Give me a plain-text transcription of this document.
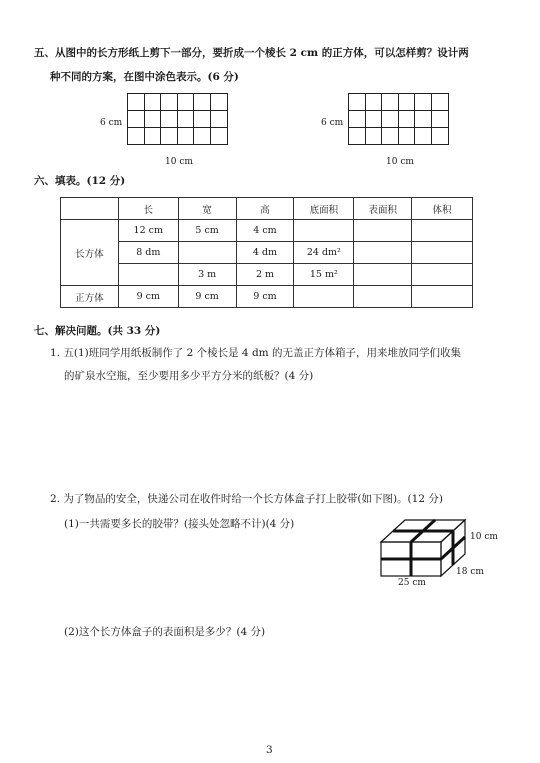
五、从图中的长方形纸上剪下一部分，要折成一个棱长 2 cm 的正方体，可以怎样剪？设计两
种不同的方案，在图中涂色表示。(6 分)

6 cm
10 cm

6 cm
10 cm
六、填表。(12 分)
	长	宽	高	底面积	表面积	体积
长方体	12 cm	5 cm	4 cm			
	8 dm		4 dm	24 dm²		
		3 m	2 m	15 m²		
正方体	9 cm	9 cm	9 cm			
七、解决问题。(共 33 分)
1. 五(1)班同学用纸板制作了 2 个棱长是 4 dm 的无盖正方体箱子，用来堆放同学们收集
的矿泉水空瓶，至少要用多少平方分米的纸板？(4 分)
2. 为了物品的安全，快递公司在收件时给一个长方体盒子打上胶带(如下图)。(12 分)
(1)一共需要多长的胶带？(接头处忽略不计)(4 分)
10 cm
18 cm
25 cm
(2)这个长方体盒子的表面积是多少？(4 分)
3
